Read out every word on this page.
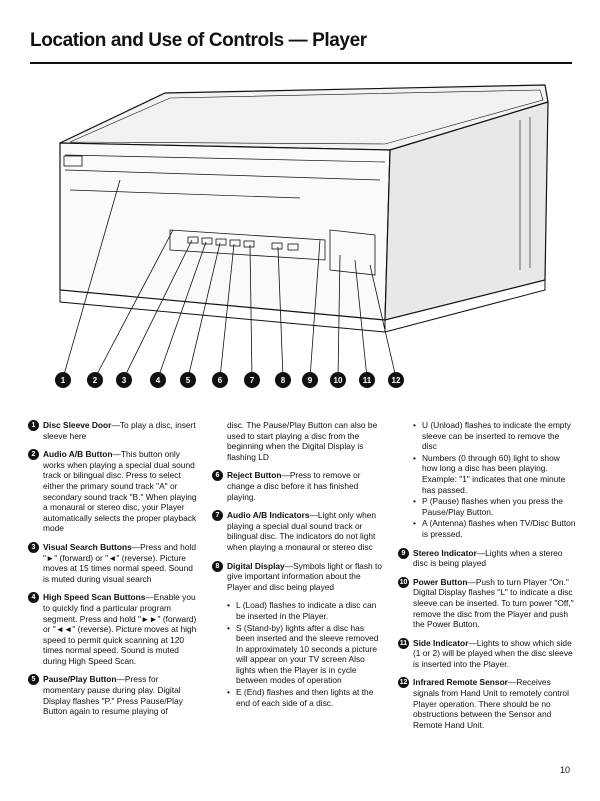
Location and Use of Controls — Player
1	2	3	4	5	6	7	8	9	10	11	12
1 Disc Sleeve Door—To play a disc, insert sleeve here
2 Audio A/B Button—This button only works when playing a special dual sound track or bilingual disc. Press to select either the primary sound track "A" or secondary sound track "B." When playing a monaural or stereo disc, your Player automatically selects the proper playback mode
3 Visual Search Buttons—Press and hold "►" (forward) or "◄" (reverse). Picture moves at 15 times normal speed. Sound is muted during visual search
4 High Speed Scan Buttons—Enable you to quickly find a particular program segment. Press and hold "►►" (forward) or "◄◄" (reverse). Picture moves at high speed to permit quick scanning at 120 times normal speed. Sound is muted during High Speed Scan.
5 Pause/Play Button—Press for momentary pause during play. Digital Display flashes "P." Press Pause/Play Button again to resume playing of
disc. The Pause/Play Button can also be used to start playing a disc from the beginning when the Digital Display is flashing LD
6 Reject Button—Press to remove or change a disc before it has finished playing.
7 Audio A/B Indicators—Light only when playing a special dual sound track or bilingual disc. The indicators do not light when playing a monaural or stereo disc
8 Digital Display—Symbols light or flash to give important information about the Player and disc being played
• L (Load) flashes to indicate a disc can be inserted in the Player.
• S (Stand-by) lights after a disc has been inserted and the sleeve removed In approximately 10 seconds a picture will appear on your TV screen Also lights when the Player is in cycle between modes of operation
• E (End) flashes and then lights at the end of each side of a disc.
• U (Unload) flashes to indicate the empty sleeve can be inserted to remove the disc
• Numbers (0 through 60) light to show how long a disc has been playing. Example: "1" indicates that one minute has passed.
• P (Pause) flashes when you press the Pause/Play Button.
• A (Antenna) flashes when TV/Disc Button is pressed.
9 Stereo Indicator—Lights when a stereo disc is being played
10 Power Button—Push to turn Player "On." Digital Display flashes "L" to indicate a disc sleeve can be inserted. To turn power "Off," remove the disc from the Player and push the Power Button.
11 Side Indicator—Lights to show which side (1 or 2) will be played when the disc sleeve is inserted into the Player.
12 Infrared Remote Sensor—Receives signals from Hand Unit to remotely control Player operation. There should be no obstructions between the Sensor and Remote Hand Unit.
10
